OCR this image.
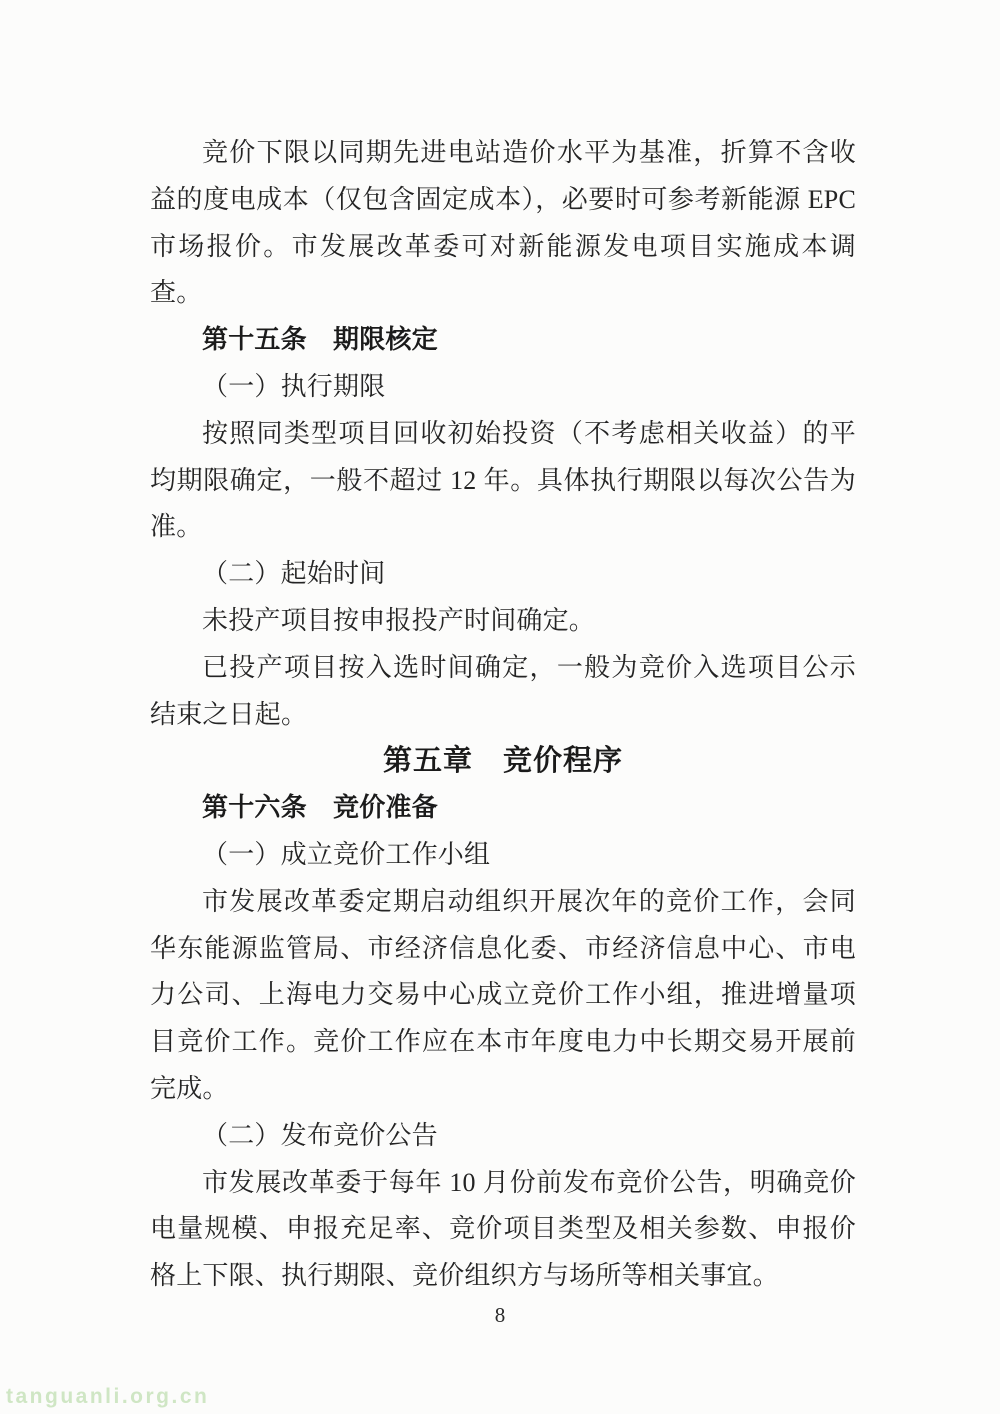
竞价下限以同期先进电站造价水平为基准，折算不含收益的度电成本（仅包含固定成本），必要时可参考新能源 EPC 市场报价。市发展改革委可对新能源发电项目实施成本调查。

第十五条　期限核定

（一）执行期限

按照同类型项目回收初始投资（不考虑相关收益）的平均期限确定，一般不超过 12 年。具体执行期限以每次公告为准。

（二）起始时间

未投产项目按申报投产时间确定。

已投产项目按入选时间确定，一般为竞价入选项目公示结束之日起。

第五章　竞价程序

第十六条　竞价准备

（一）成立竞价工作小组

市发展改革委定期启动组织开展次年的竞价工作，会同华东能源监管局、市经济信息化委、市经济信息中心、市电力公司、上海电力交易中心成立竞价工作小组，推进增量项目竞价工作。竞价工作应在本市年度电力中长期交易开展前完成。

（二）发布竞价公告

市发展改革委于每年 10 月份前发布竞价公告，明确竞价电量规模、申报充足率、竞价项目类型及相关参数、申报价格上下限、执行期限、竞价组织方与场所等相关事宜。

8
tanguanli.org.cn
